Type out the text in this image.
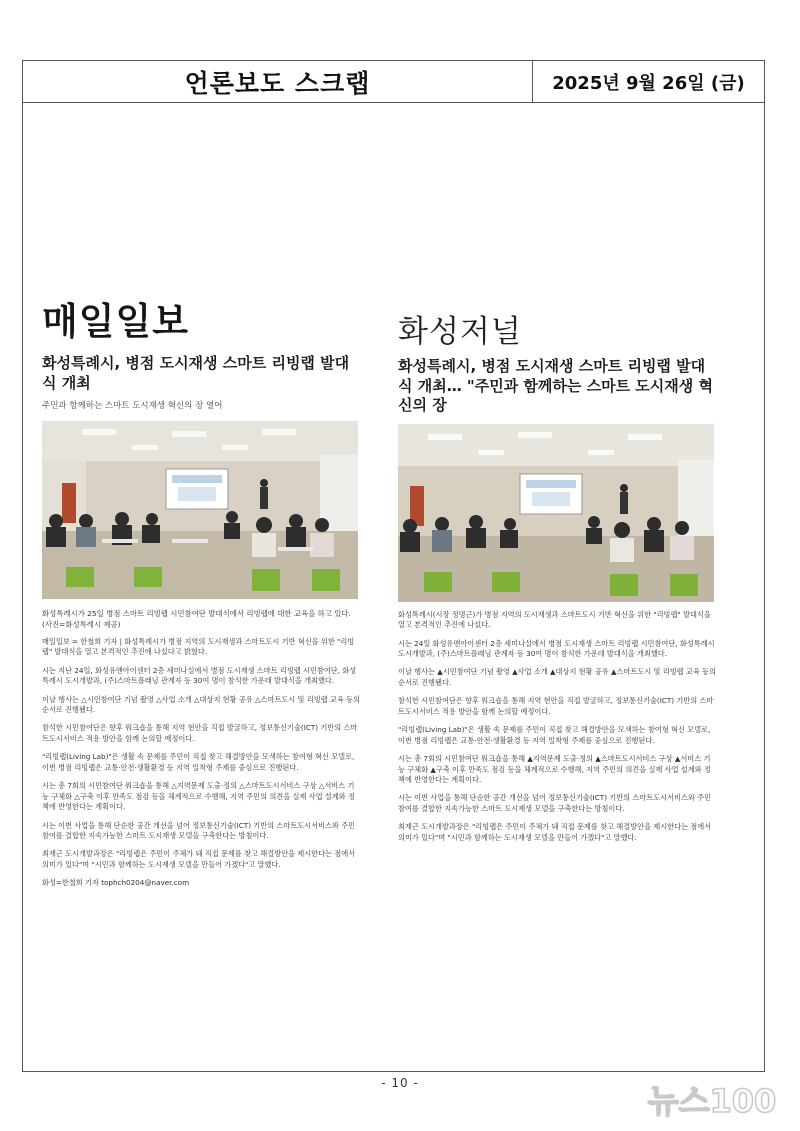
언론보도 스크랩	2025년 9월 26일 (금)
매일일보
화성특례시, 병점 도시재생 스마트 리빙랩 발대식 개최
주민과 함께하는 스마트 도시재생 혁신의 장 열어
화성특례시가 25일 병점 스마트 리빙랩 시민참여단 발대식에서 리빙랩에 대한 교육을 하고 있다. (사진=화성특례시 제공)

매일일보 = 한철희 기자 | 화성특례시가 병점 지역의 도시재생과 스마트도시 기반 혁신을 위한 "리빙랩" 발대식을 열고 본격적인 추진에 나섰다고 밝혔다.

시는 지난 24일, 화성유앤아이센터 2층 세미나실에서 병점 도시재생 스마트 리빙랩 시민참여단, 화성특례시 도시개발과, (주)스마트플래닝 관계자 등 30여 명이 참석한 가운데 발대식을 개최했다.

이날 행사는 △시민참여단 기념 촬영 △사업 소개 △대상지 현황 공유 △스마트도시 및 리빙랩 교육 등의 순서로 진행됐다.

참석한 시민참여단은 향후 워크숍을 통해 지역 현안을 직접 발굴하고, 정보통신기술(ICT) 기반의 스마트도시서비스 적용 방안을 함께 논의할 예정이다.

"리빙랩(Living Lab)"은 생활 속 문제를 주민이 직접 찾고 해결방안을 모색하는 참여형 혁신 모델로, 이번 병점 리빙랩은 교통·안전·생활환경 등 지역 밀착형 주제를 중심으로 진행된다.

시는 총 7회의 시민참여단 워크숍을 통해 △지역문제 도출·정의 △스마트도시서비스 구상 △서비스 기능 구체화 △구축 이후 만족도 점검 등을 체계적으로 수행해, 지역 주민의 의견을 실제 사업 설계와 정책에 반영한다는 계획이다.

시는 이번 사업을 통해 단순한 공간 개선을 넘어 정보통신기술(ICT) 기반의 스마트도시서비스와 주민 참여를 결합한 지속가능한 스마트 도시재생 모델을 구축한다는 방침이다.

최재근 도시개발과장은 "리빙랩은 주민이 주체가 돼 직접 문제를 찾고 해결방안을 제시한다는 점에서 의미가 있다"며 "시민과 함께하는 도시재생 모델을 만들어 가겠다"고 말했다.

화성=한철희 기자 tophch0204@naver.com
화성저널
화성특례시, 병점 도시재생 스마트 리빙랩 발대식 개최… "주민과 함께하는 스마트 도시재생 혁신의 장

화성특례시(시장 정명근)가 병점 지역의 도시재생과 스마트도시 기반 혁신을 위한 "리빙랩" 발대식을 열고 본격적인 추진에 나섰다.

시는 24일 화성유앤아이센터 2층 세미나실에서 병점 도시재생 스마트 리빙랩 시민참여단, 화성특례시 도시개발과, (주)스마트플래닝 관계자 등 30여 명이 참석한 가운데 발대식을 개최했다.

이날 행사는 ▲시민참여단 기념 촬영 ▲사업 소개 ▲대상지 현황 공유 ▲스마트도시 및 리빙랩 교육 등의 순서로 진행됐다.

참석한 시민참여단은 향후 워크숍을 통해 지역 현안을 직접 발굴하고, 정보통신기술(ICT) 기반의 스마트도시서비스 적용 방안을 함께 논의할 예정이다.

"리빙랩(Living Lab)"은 생활 속 문제를 주민이 직접 찾고 해결방안을 모색하는 참여형 혁신 모델로, 이번 병점 리빙랩은 교통·안전·생활환경 등 지역 밀착형 주제를 중심으로 진행된다.

시는 총 7회의 시민참여단 워크숍을 통해 ▲지역문제 도출·정의 ▲스마트도시서비스 구상 ▲서비스 기능 구체화 ▲구축 이후 만족도 점검 등을 체계적으로 수행해, 지역 주민의 의견을 실제 사업 설계와 정책에 반영한다는 계획이다.

시는 이번 사업을 통해 단순한 공간 개선을 넘어 정보통신기술(ICT) 기반의 스마트도시서비스와 주민 참여를 결합한 지속가능한 스마트 도시재생 모델을 구축한다는 방침이다.

최재근 도시개발과장은 "리빙랩은 주민이 주체가 돼 직접 문제를 찾고 해결방안을 제시한다는 점에서 의미가 있다"며 "시민과 함께하는 도시재생 모델을 만들어 가겠다"고 말했다.

- 10 -	뉴스100
